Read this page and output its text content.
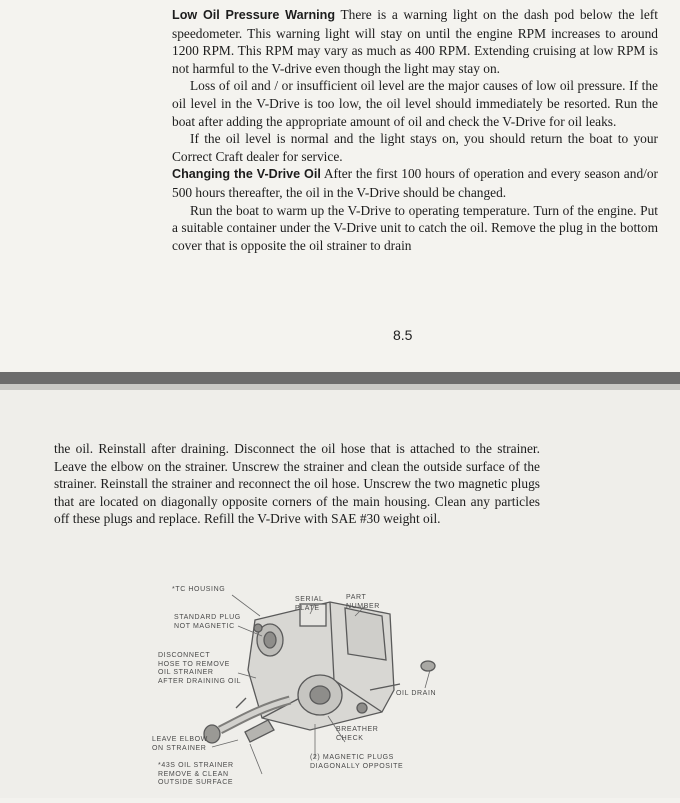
Low Oil Pressure Warning There is a warning light on the dash pod below the left speedometer. This warning light will stay on until the engine RPM increases to around 1200 RPM. This RPM may vary as much as 400 RPM. Extending cruising at low RPM is not harmful to the V-drive even though the light may stay on.

Loss of oil and / or insufficient oil level are the major causes of low oil pressure. If the oil level in the V-Drive is too low, the oil level should immediately be resorted. Run the boat after adding the appropriate amount of oil and check the V-Drive for oil leaks.

If the oil level is normal and the light stays on, you should return the boat to your Correct Craft dealer for service.

Changing the V-Drive Oil After the first 100 hours of operation and every season and/or 500 hours thereafter, the oil in the V-Drive should be changed.

Run the boat to warm up the V-Drive to operating temperature. Turn of the engine. Put a suitable container under the V-Drive unit to catch the oil. Remove the plug in the bottom cover that is opposite the oil strainer to drain

8.5

the oil. Reinstall after draining. Disconnect the oil hose that is attached to the strainer. Leave the elbow on the strainer. Unscrew the strainer and clean the outside surface of the strainer. Reinstall the strainer and reconnect the oil hose. Unscrew the two magnetic plugs that are located on diagonally opposite corners of the main housing. Clean any particles off these plugs and replace. Refill the V-Drive with SAE #30 weight oil.

*TC HOUSING
STANDARD PLUG
NOT MAGNETIC
SERIAL
PLATE
PART
NUMBER
DISCONNECT
HOSE TO REMOVE
OIL STRAINER
AFTER DRAINING OIL
OIL DRAIN
LEAVE ELBOW
ON STRAINER
BREATHER
CHECK
*43S OIL STRAINER
REMOVE & CLEAN
OUTSIDE SURFACE
(2) MAGNETIC PLUGS
DIAGONALLY OPPOSITE
